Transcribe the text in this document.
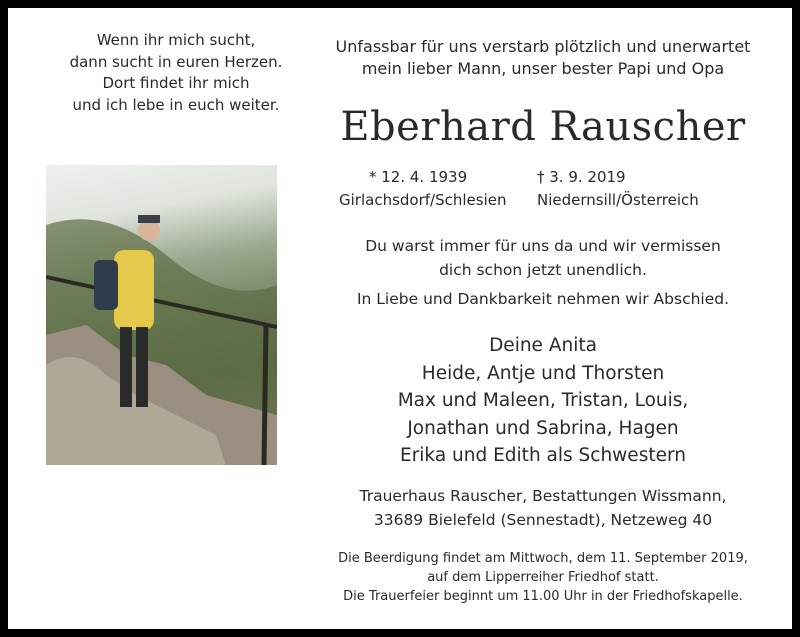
Wenn ihr mich sucht,
dann sucht in euren Herzen.
Dort findet ihr mich
und ich lebe in euch weiter.
Unfassbar für uns verstarb plötzlich und unerwartet
mein lieber Mann, unser bester Papi und Opa
Eberhard Rauscher
* 12. 4. 1939
Girlachsdorf/Schlesien
† 3. 9. 2019
Niedernsill/Österreich
Du warst immer für uns da und wir vermissen
dich schon jetzt unendlich.
In Liebe und Dankbarkeit nehmen wir Abschied.
Deine Anita
Heide, Antje und Thorsten
Max und Maleen, Tristan, Louis,
Jonathan und Sabrina, Hagen
Erika und Edith als Schwestern
Trauerhaus Rauscher, Bestattungen Wissmann,
33689 Bielefeld (Sennestadt), Netzeweg 40
Die Beerdigung findet am Mittwoch, dem 11. September 2019,
auf dem Lipperreiher Friedhof statt.
Die Trauerfeier beginnt um 11.00 Uhr in der Friedhofskapelle.
